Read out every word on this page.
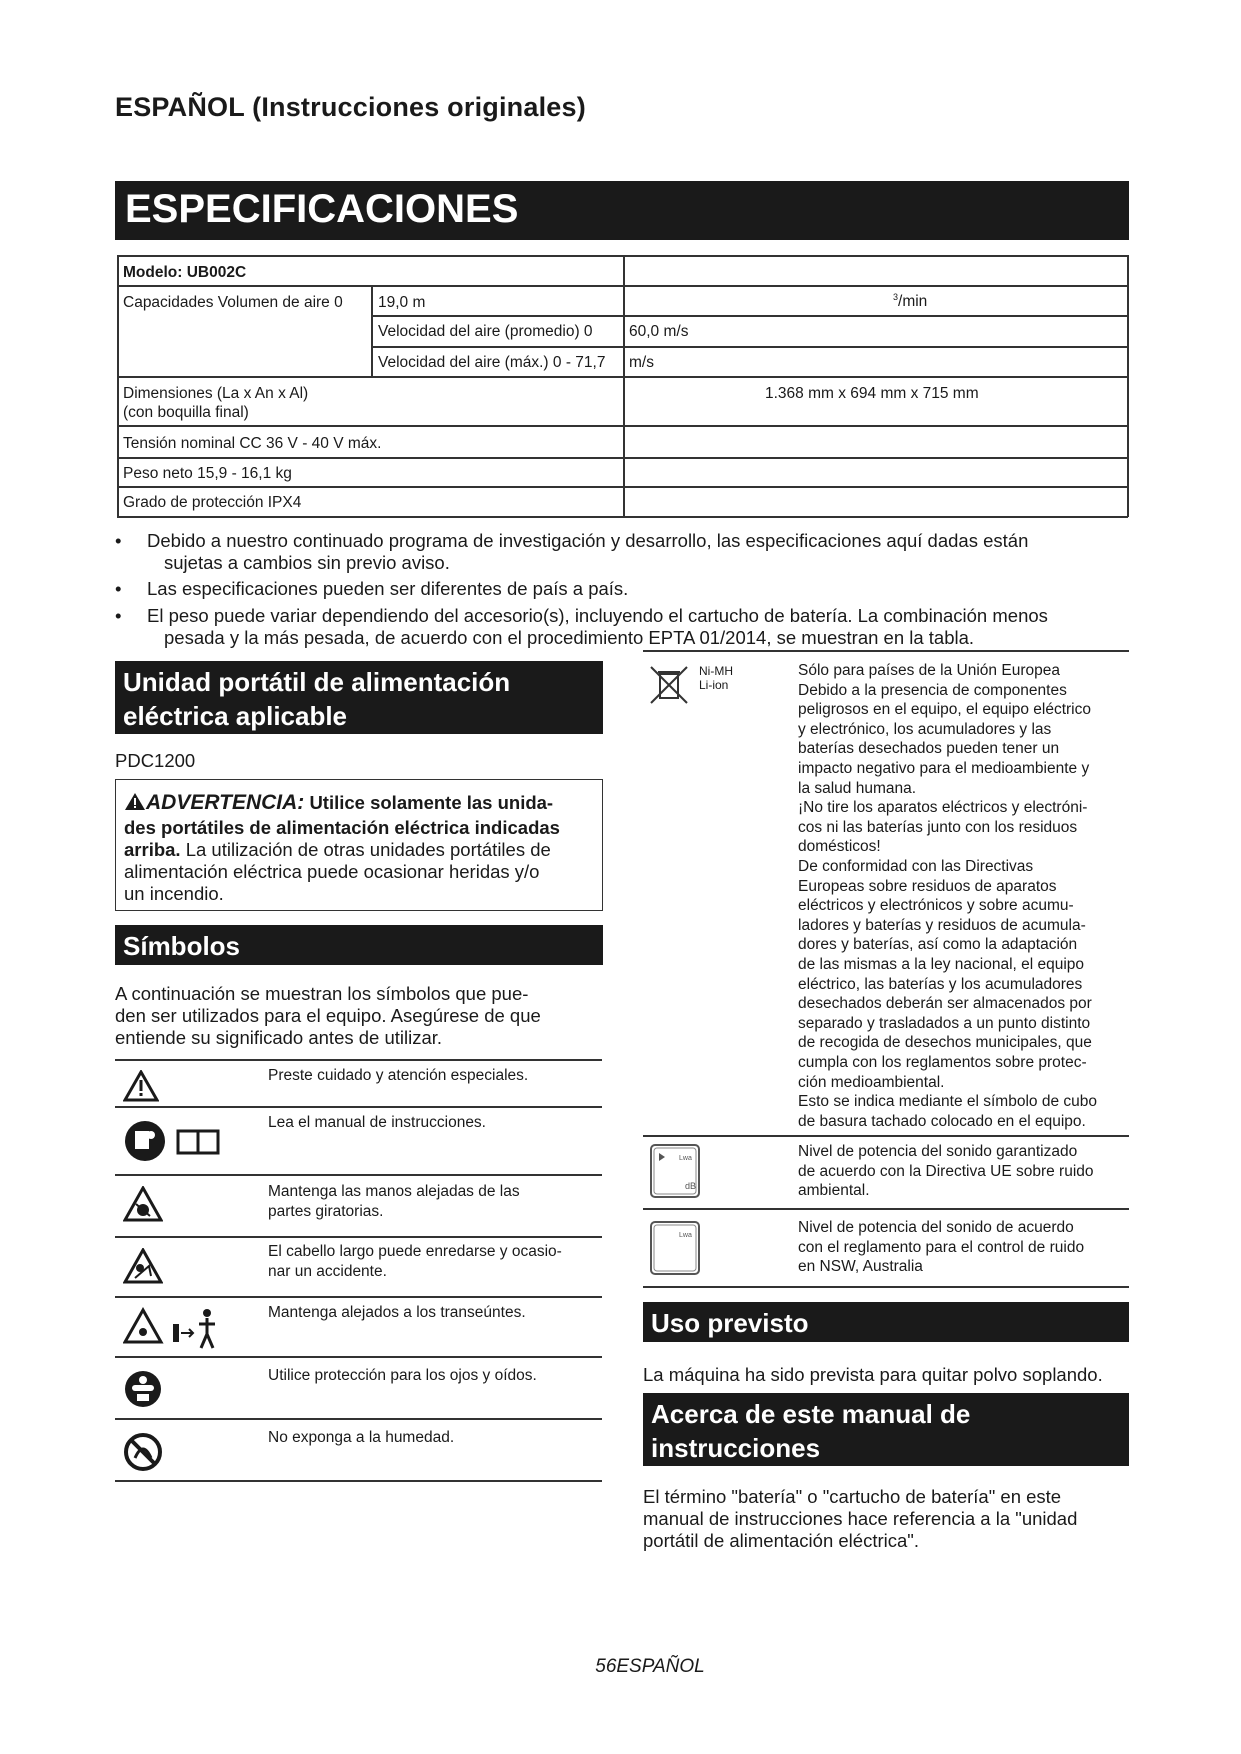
ESPAÑOL (Instrucciones originales)
ESPECIFICACIONES
Modelo: UB002C
Capacidades Volumen de aire 0 19,0 m	$^3$/min
Velocidad del aire (promedio) 0 60,0 m/s
Velocidad del aire (máx.) 0 - 71,7 m/s
Dimensiones (La x An x Al)
(con boquilla final)
1.368 mm x 694 mm x 715 mm
Tensión nominal CC 36 V - 40 V máx.
Peso neto 15,9 - 16,1 kg
Grado de protección IPX4
• Debido a nuestro continuado programa de investigación y desarrollo, las especificaciones aquí dadas están
sujetas a cambios sin previo aviso.
• Las especificaciones pueden ser diferentes de país a país.
• El peso puede variar dependiendo del accesorio(s), incluyendo el cartucho de batería. La combinación menos
pesada y la más pesada, de acuerdo con el procedimiento EPTA 01/2014, se muestran en la tabla.
Unidad portátil de alimentación
eléctrica aplicable
PDC1200
ADVERTENCIA: Utilice solamente las unida-
des portátiles de alimentación eléctrica indicadas
arriba. La utilización de otras unidades portátiles de
alimentación eléctrica puede ocasionar heridas y/o
un incendio.
Símbolos
A continuación se muestran los símbolos que pue-
den ser utilizados para el equipo. Asegúrese de que
entiende su significado antes de utilizar.
Preste cuidado y atención especiales.
Lea el manual de instrucciones.
Mantenga las manos alejadas de las
partes giratorias.
El cabello largo puede enredarse y ocasio-
nar un accidente.
Mantenga alejados a los transeúntes.
Utilice protección para los ojos y oídos.
No exponga a la humedad.
Ni-MH
Li-ion
Sólo para países de la Unión Europea
Debido a la presencia de componentes
peligrosos en el equipo, el equipo eléctrico
y electrónico, los acumuladores y las
baterías desechados pueden tener un
impacto negativo para el medioambiente y
la salud humana.
¡No tire los aparatos eléctricos y electróni-
cos ni las baterías junto con los residuos
domésticos!
De conformidad con las Directivas
Europeas sobre residuos de aparatos
eléctricos y electrónicos y sobre acumu-
ladores y baterías y residuos de acumula-
dores y baterías, así como la adaptación
de las mismas a la ley nacional, el equipo
eléctrico, las baterías y los acumuladores
desechados deberán ser almacenados por
separado y trasladados a un punto distinto
de recogida de desechos municipales, que
cumpla con los reglamentos sobre protec-
ción medioambiental.
Esto se indica mediante el símbolo de cubo
de basura tachado colocado en el equipo.
Lwa
dB
Nivel de potencia del sonido garantizado
de acuerdo con la Directiva UE sobre ruido
ambiental.
Lwa	Nivel de potencia del sonido de acuerdo
con el reglamento para el control de ruido
en NSW, Australia
Uso previsto
La máquina ha sido prevista para quitar polvo soplando.
Acerca de este manual de
instrucciones
El término "batería" o "cartucho de batería" en este
manual de instrucciones hace referencia a la "unidad
portátil de alimentación eléctrica".
56ESPAÑOL
